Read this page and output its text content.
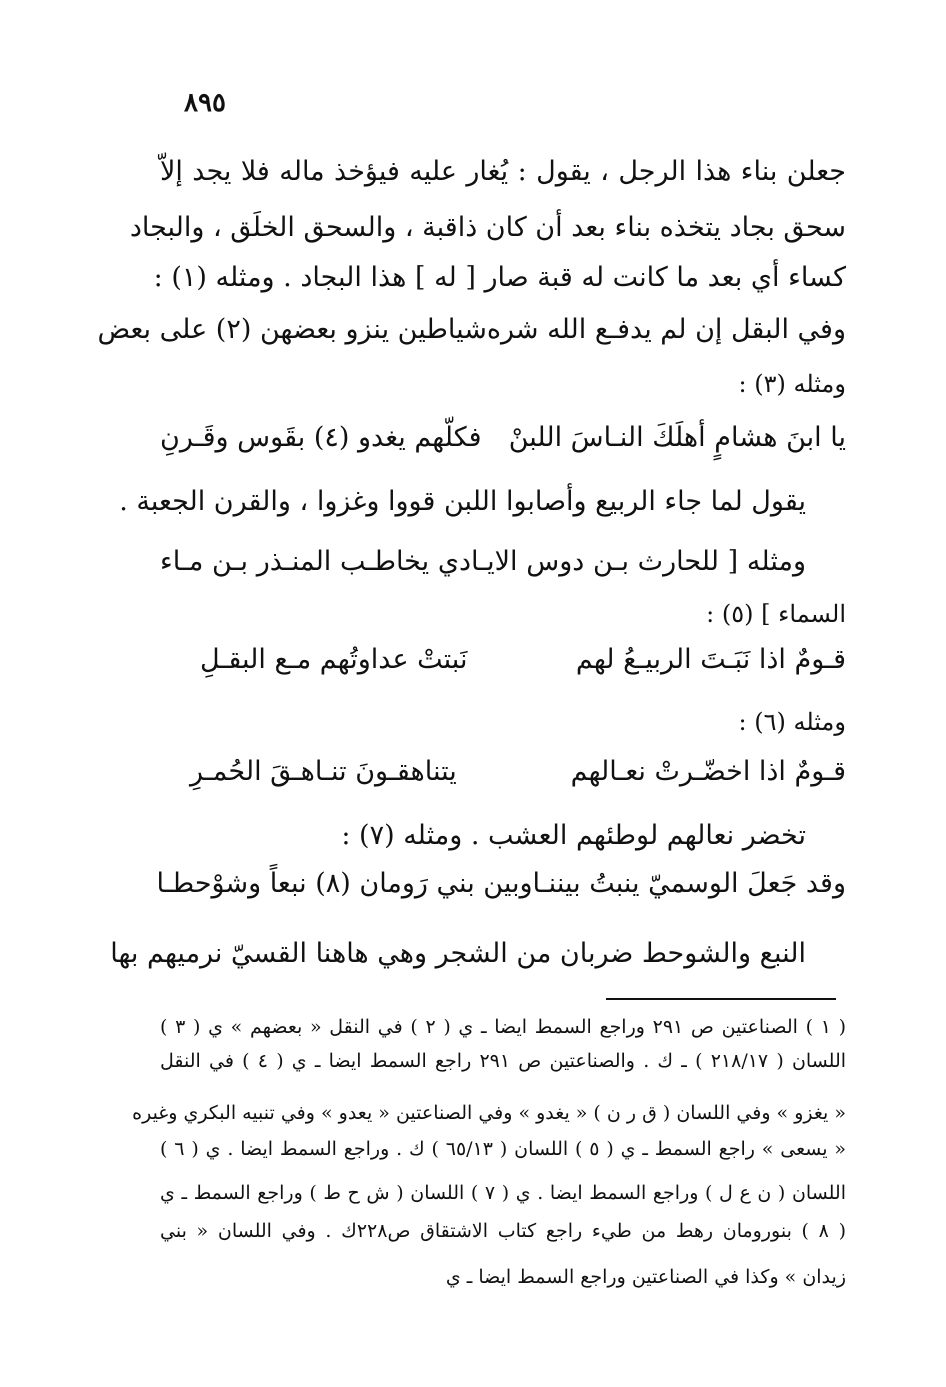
٨٩٥
جعلن بناء هذا الرجل ، يقول : يُغار عليه فيؤخذ ماله فلا يجد إلاّ
سحق بجاد يتخذه بناء بعد أن كان ذاقبة ، والسحق الخلَق ، والبجاد
كساء أي بعد ما كانت له قبة صار [ له ] هذا البجاد . ومثله (١) :
وفي البقل إن لم يدفـع الله شره
شياطين ينزو بعضهن (٢) على بعض
ومثله (٣) :
يا ابنَ هشامٍ أهلَكَ النـاسَ اللبنْ
فكلّهم يغدو (٤) بقَوس وقَـرنِ
يقول لما جاء الربيع وأصابوا اللبن قووا وغزوا ، والقرن الجعبة .
ومثله [ للحارث بـن دوس الايـادي يخاطـب المنـذر بـن مـاء
السماء ] (٥) :
قـومٌ اذا نَبَـتَ الربيـعُ لهم
نَبتتْ عداوتُهم مـع البقـلِ
ومثله (٦) :
قـومٌ اذا اخضّـرتْ نعـالهم
يتناهقـونَ تنـاهـقَ الحُمـرِ
تخضر نعالهم لوطئهم العشب . ومثله (٧) :
وقد جَعلَ الوسميّ ينبتُ بيننـا
وبين بني رَومان (٨) نبعاً وشوْحطـا
النبع والشوحط ضربان من الشجر وهي هاهنا القسيّ نرميهم بها
( ١ ) الصناعتين ص ٢٩١ وراجع السمط ايضا ـ ي ( ٢ ) في النقل « بعضهم » ي ( ٣ )
اللسان ( ٢١٨/١٧ ) ـ ك . والصناعتين ص ٢٩١ راجع السمط ايضا ـ ي ( ٤ ) في النقل
« يغزو » وفي اللسان ( ق ر ن ) « يغدو » وفي الصناعتين « يعدو » وفي تنبيه البكري وغيره
« يسعى » راجع السمط ـ ي ( ٥ ) اللسان ( ٦٥/١٣ ) ك . وراجع السمط ايضا . ي ( ٦ )
اللسان ( ن ع ل ) وراجع السمط ايضا . ي ( ٧ ) اللسان ( ش ح ط ) وراجع السمط ـ ي
( ٨ ) بنورومان رهط من طيء راجع كتاب الاشتقاق ص٢٢٨ك . وفي اللسان « بني
زيدان » وكذا في الصناعتين وراجع السمط ايضا ـ ي
